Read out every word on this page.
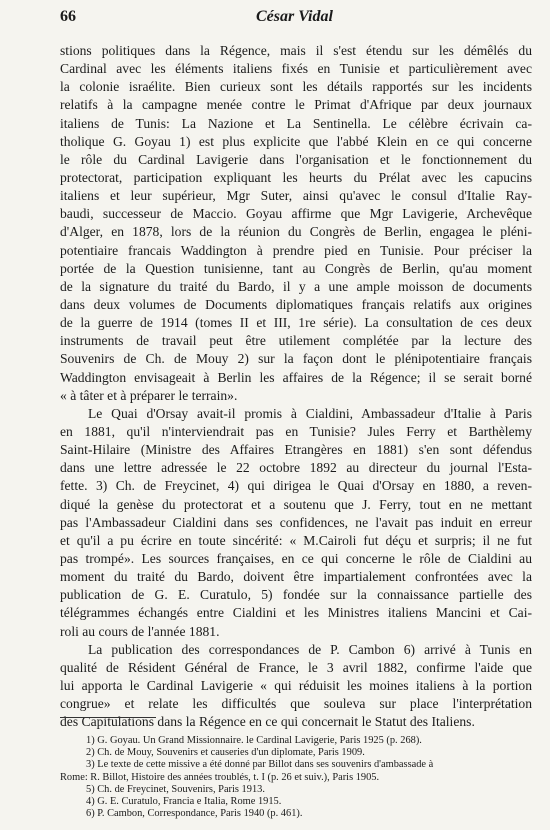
66	César Vidal
stions politiques dans la Régence, mais il s'est étendu sur les démêlés du
Cardinal avec les éléments italiens fixés en Tunisie et particulièrement avec
la colonie israélite. Bien curieux sont les détails rapportés sur les incidents
relatifs à la campagne menée contre le Primat d'Afrique par deux journaux
italiens de Tunis: La Nazione et La Sentinella. Le célèbre écrivain ca-
tholique G. Goyau 1) est plus explicite que l'abbé Klein en ce qui concerne
le rôle du Cardinal Lavigerie dans l'organisation et le fonctionnement du
protectorat, participation expliquant les heurts du Prélat avec les capucins
italiens et leur supérieur, Mgr Suter, ainsi qu'avec le consul d'Italie Ray-
baudi, successeur de Maccio. Goyau affirme que Mgr Lavigerie, Archevêque
d'Alger, en 1878, lors de la réunion du Congrès de Berlin, engagea le pléni-
potentiaire francais Waddington à prendre pied en Tunisie. Pour préciser la
portée de la Question tunisienne, tant au Congrès de Berlin, qu'au moment
de la signature du traité du Bardo, il y a une ample moisson de documents
dans deux volumes de Documents diplomatiques français relatifs aux origines
de la guerre de 1914 (tomes II et III, 1re série). La consultation de ces deux
instruments de travail peut être utilement complétée par la lecture des
Souvenirs de Ch. de Mouy 2) sur la façon dont le plénipotentiaire français
Waddington envisageait à Berlin les affaires de la Régence; il se serait borné
« à tâter et à préparer le terrain».
Le Quai d'Orsay avait-il promis à Cialdini, Ambassadeur d'Italie à Paris
en 1881, qu'il n'interviendrait pas en Tunisie? Jules Ferry et Barthèlemy
Saint-Hilaire (Ministre des Affaires Etrangères en 1881) s'en sont défendus
dans une lettre adressée le 22 octobre 1892 au directeur du journal l'Esta-
fette. 3) Ch. de Freycinet, 4) qui dirigea le Quai d'Orsay en 1880, a reven-
diqué la genèse du protectorat et a soutenu que J. Ferry, tout en ne mettant
pas l'Ambassadeur Cialdini dans ses confidences, ne l'avait pas induit en erreur
et qu'il a pu écrire en toute sincérité: « M.Cairoli fut déçu et surpris; il ne fut
pas trompé». Les sources françaises, en ce qui concerne le rôle de Cialdini au
moment du traité du Bardo, doivent être impartialement confrontées avec la
publication de G. E. Curatulo, 5) fondée sur la connaissance partielle des
télégrammes échangés entre Cialdini et les Ministres italiens Mancini et Cai-
roli au cours de l'année 1881.
La publication des correspondances de P. Cambon 6) arrivé à Tunis en
qualité de Résident Général de France, le 3 avril 1882, confirme l'aide que
lui apporta le Cardinal Lavigerie « qui réduisit les moines italiens à la portion
congrue» et relate les difficultés que souleva sur place l'interprétation
des Capitulations dans la Régence en ce qui concernait le Statut des Italiens.
1) G. Goyau. Un Grand Missionnaire. le Cardinal Lavigerie, Paris 1925 (p. 268).
2) Ch. de Mouy, Souvenirs et causeries d'un diplomate, Paris 1909.
3) Le texte de cette missive a été donné par Billot dans ses souvenirs d'ambassade à
Rome: R. Billot, Histoire des années troublés, t. I (p. 26 et suiv.), Paris 1905.
5) Ch. de Freycinet, Souvenirs, Paris 1913.
4) G. E. Curatulo, Francia e Italia, Rome 1915.
6) P. Cambon, Correspondance, Paris 1940 (p. 461).
